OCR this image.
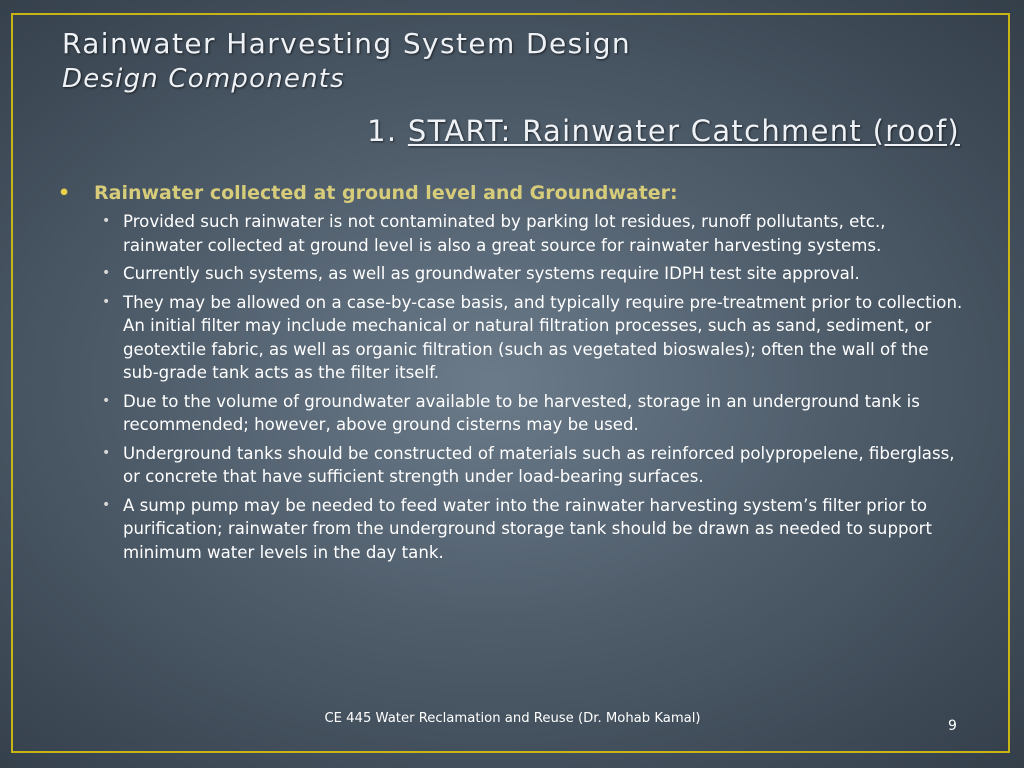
Rainwater Harvesting System Design
Design Components
1. START: Rainwater Catchment (roof)
•	Rainwater collected at ground level and Groundwater:
• Provided such rainwater is not contaminated by parking lot residues, runoff pollutants, etc., rainwater collected at ground level is also a great source for rainwater harvesting systems.
• Currently such systems, as well as groundwater systems require IDPH test site approval.
• They may be allowed on a case-by-case basis, and typically require pre-treatment prior to collection. An initial filter may include mechanical or natural filtration processes, such as sand, sediment, or geotextile fabric, as well as organic filtration (such as vegetated bioswales); often the wall of the sub-grade tank acts as the filter itself.
• Due to the volume of groundwater available to be harvested, storage in an underground tank is recommended; however, above ground cisterns may be used.
• Underground tanks should be constructed of materials such as reinforced polypropelene, fiberglass, or concrete that have sufficient strength under load-bearing surfaces.
• A sump pump may be needed to feed water into the rainwater harvesting system’s filter prior to purification; rainwater from the underground storage tank should be drawn as needed to support minimum water levels in the day tank.
CE 445 Water Reclamation and Reuse (Dr. Mohab Kamal)	9
